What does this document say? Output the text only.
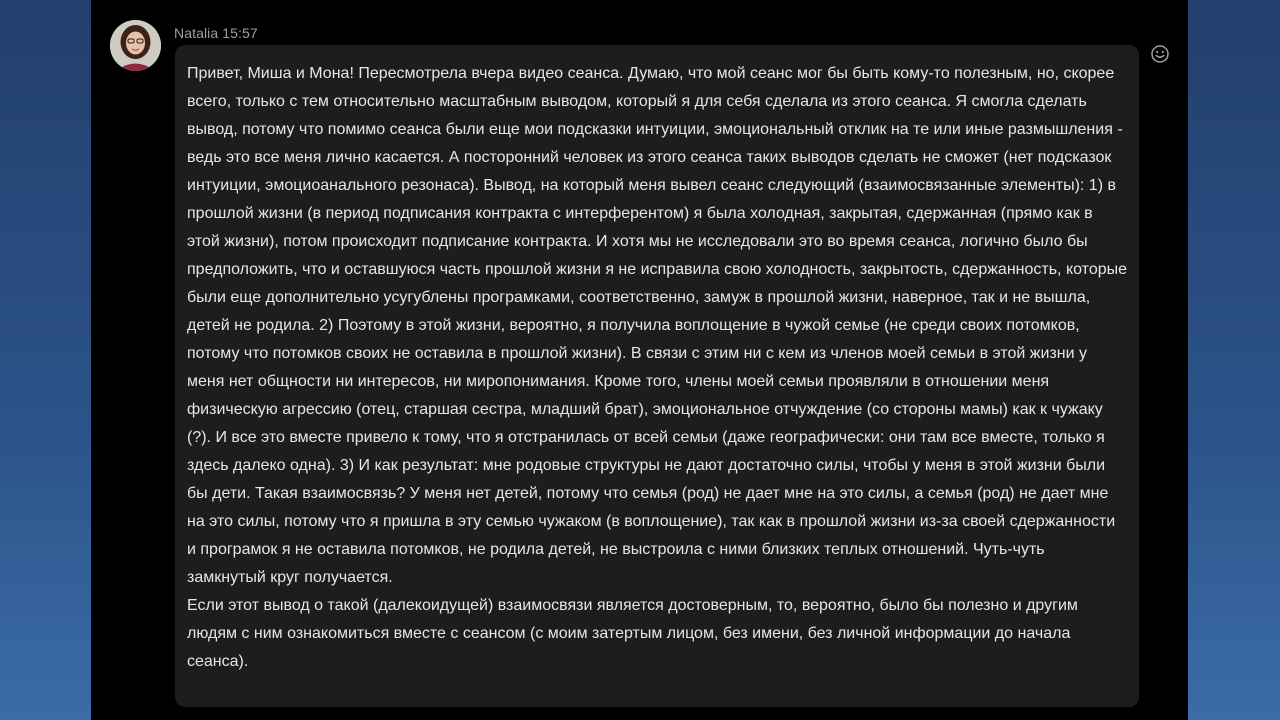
Natalia 15:57

Привет, Миша и Мона! Пересмотрела вчера видео сеанса. Думаю, что мой сеанс мог бы быть кому-то полезным, но, скорее всего, только с тем относительно масштабным выводом, который я для себя сделала из этого сеанса. Я смогла сделать вывод, потому что помимо сеанса были еще мои подсказки интуиции, эмоциональный отклик на те или иные размышления - ведь это все меня лично касается. А посторонний человек из этого сеанса таких выводов сделать не сможет (нет подсказок интуиции, эмоциоанального резонаса). Вывод, на который меня вывел сеанс следующий (взаимосвязанные элементы): 1) в прошлой жизни (в период подписания контракта с интерферентом) я была холодная, закрытая, сдержанная (прямо как в этой жизни), потом происходит подписание контракта. И хотя мы не исследовали это во время сеанса, логично было бы предположить, что и оставшуюся часть прошлой жизни я не исправила свою холодность, закрытость, сдержанность, которые были еще дополнительно усугублены програмками, соответственно, замуж в прошлой жизни, наверное, так и не вышла, детей не родила. 2) Поэтому в этой жизни, вероятно, я получила воплощение в чужой семье (не среди своих потомков, потому что потомков своих не оставила в прошлой жизни). В связи с этим ни с кем из членов моей семьи в этой жизни у меня нет общности ни интересов, ни миропонимания. Кроме того, члены моей семьи проявляли в отношении меня физическую агрессию (отец, старшая сестра, младший брат), эмоциональное отчуждение (со стороны мамы) как к чужаку (?). И все это вместе привело к тому, что я отстранилась от всей семьи (даже географически: они там все вместе, только я здесь далеко одна). 3) И как результат: мне родовые структуры не дают достаточно силы, чтобы у меня в этой жизни были бы дети. Такая взаимосвязь? У меня нет детей, потому что семья (род) не дает мне на это силы, а семья (род) не дает мне на это силы, потому что я пришла в эту семью чужаком (в воплощение), так как в прошлой жизни из-за своей сдержанности и програмок я не оставила потомков, не родила детей, не выстроила с ними близких теплых отношений. Чуть-чуть замкнутый круг получается.

Если этот вывод о такой (далекоидущей) взаимосвязи является достоверным, то, вероятно, было бы полезно и другим людям с ним ознакомиться вместе с сеансом (с моим затертым лицом, без имени, без личной информации до начала сеанса).
